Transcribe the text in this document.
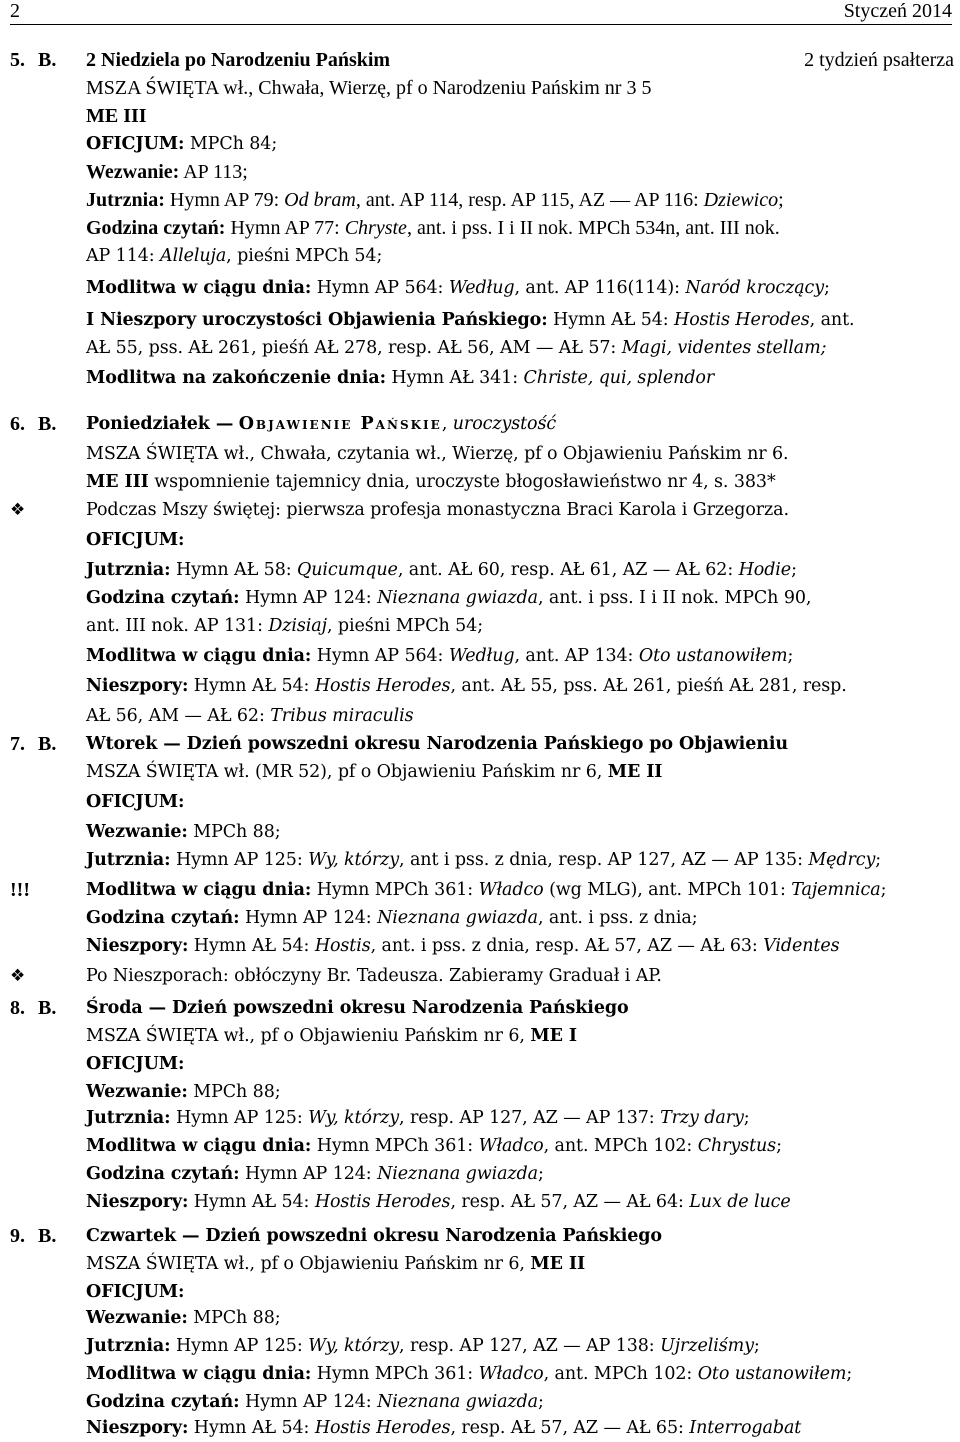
2	Styczeń 2014
5. B. 2 Niedziela po Narodzeniu Pańskim	2 tydzień psałterza
MSZA ŚWIĘTA wł., Chwała, Wierzę, pf o Narodzeniu Pańskim nr 3 5
ME III
OFICJUM: MPCh 84;
Wezwanie: AP 113;
Jutrznia: Hymn AP 79: Od bram, ant. AP 114, resp. AP 115, AZ — AP 116: Dziewico;
Godzina czytań: Hymn AP 77: Chryste, ant. i pss. I i II nok. MPCh 534n, ant. III nok.
AP 114: Alleluja, pieśni MPCh 54;
Modlitwa w ciągu dnia: Hymn AP 564: Według, ant. AP 116(114): Naród kroczący;
I Nieszpory uroczystości Objawienia Pańskiego: Hymn AŁ 54: Hostis Herodes, ant.
AŁ 55, pss. AŁ 261, pieśń AŁ 278, resp. AŁ 56, AM — AŁ 57: Magi, videntes stellam;
Modlitwa na zakończenie dnia: Hymn AŁ 341: Christe, qui, splendor
6. B. Poniedziałek — Objawienie Pańskie, uroczystość
MSZA ŚWIĘTA wł., Chwała, czytania wł., Wierzę, pf o Objawieniu Pańskim nr 6.
ME III wspomnienie tajemnicy dnia, uroczyste błogosławieństwo nr 4, s. 383*
❖	Podczas Mszy świętej: pierwsza profesja monastyczna Braci Karola i Grzegorza.
OFICJUM:
Jutrznia: Hymn AŁ 58: Quicumque, ant. AŁ 60, resp. AŁ 61, AZ — AŁ 62: Hodie;
Godzina czytań: Hymn AP 124: Nieznana gwiazda, ant. i pss. I i II nok. MPCh 90,
ant. III nok. AP 131: Dzisiaj, pieśni MPCh 54;
Modlitwa w ciągu dnia: Hymn AP 564: Według, ant. AP 134: Oto ustanowiłem;
Nieszpory: Hymn AŁ 54: Hostis Herodes, ant. AŁ 55, pss. AŁ 261, pieśń AŁ 281, resp.
AŁ 56, AM — AŁ 62: Tribus miraculis
7. B. Wtorek — Dzień powszedni okresu Narodzenia Pańskiego po Objawieniu
MSZA ŚWIĘTA wł. (MR 52), pf o Objawieniu Pańskim nr 6, ME II
OFICJUM:
Wezwanie: MPCh 88;
Jutrznia: Hymn AP 125: Wy, którzy, ant i pss. z dnia, resp. AP 127, AZ — AP 135: Mędrcy;
!!!	Modlitwa w ciągu dnia: Hymn MPCh 361: Władco (wg MLG), ant. MPCh 101: Tajemnica;
Godzina czytań: Hymn AP 124: Nieznana gwiazda, ant. i pss. z dnia;
Nieszpory: Hymn AŁ 54: Hostis, ant. i pss. z dnia, resp. AŁ 57, AZ — AŁ 63: Videntes
❖	Po Nieszporach: obłóczyny Br. Tadeusza. Zabieramy Graduał i AP.
8. B. Środa — Dzień powszedni okresu Narodzenia Pańskiego
MSZA ŚWIĘTA wł., pf o Objawieniu Pańskim nr 6, ME I
OFICJUM:
Wezwanie: MPCh 88;
Jutrznia: Hymn AP 125: Wy, którzy, resp. AP 127, AZ — AP 137: Trzy dary;
Modlitwa w ciągu dnia: Hymn MPCh 361: Władco, ant. MPCh 102: Chrystus;
Godzina czytań: Hymn AP 124: Nieznana gwiazda;
Nieszpory: Hymn AŁ 54: Hostis Herodes, resp. AŁ 57, AZ — AŁ 64: Lux de luce
9. B. Czwartek — Dzień powszedni okresu Narodzenia Pańskiego
MSZA ŚWIĘTA wł., pf o Objawieniu Pańskim nr 6, ME II
OFICJUM:
Wezwanie: MPCh 88;
Jutrznia: Hymn AP 125: Wy, którzy, resp. AP 127, AZ — AP 138: Ujrzeliśmy;
Modlitwa w ciągu dnia: Hymn MPCh 361: Władco, ant. MPCh 102: Oto ustanowiłem;
Godzina czytań: Hymn AP 124: Nieznana gwiazda;
Nieszpory: Hymn AŁ 54: Hostis Herodes, resp. AŁ 57, AZ — AŁ 65: Interrogabat
